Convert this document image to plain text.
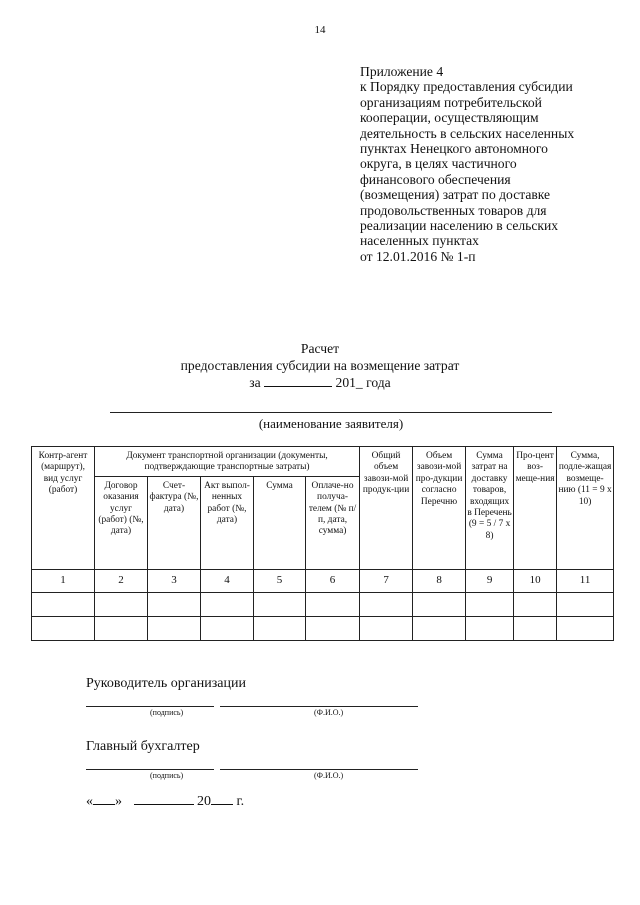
14
Приложение 4
к Порядку предоставления субсидии
организациям потребительской
кооперации, осуществляющим
деятельность в сельских населенных
пунктах Ненецкого автономного
округа, в целях частичного
финансового обеспечения
(возмещения) затрат по доставке
продовольственных товаров для
реализации населению в сельских
населенных пунктах
от 12.01.2016 № 1-п
Расчет
предоставления субсидии на возмещение затрат
за	201_ года
(наименование заявителя)
Контр-агент (маршрут), вид услуг (работ)	Документ транспортной организации (документы, подтверждающие транспортные затраты)					Общий объем завози-мой продук-ции	Объем завози-мой про-дукции согласно Перечню	Сумма затрат на доставку товаров, входящих в Перечень (9 = 5 / 7 х 8)	Про-цент воз-меще-ния	Сумма, подле-жащая возмеще-нию (11 = 9 х 10)
	Договор оказания услуг (работ) (№, дата)	Счет-фактура (№, дата)	Акт выпол-ненных работ (№, дата)	Сумма	Оплаче-но получа-телем (№ п/п, дата, сумма)					
1	2	3	4	5	6	7	8	9	10	11

Руководитель организации
(подпись)	(Ф.И.О.)
Главный бухгалтер
(подпись)	(Ф.И.О.)
« »	20 г.
